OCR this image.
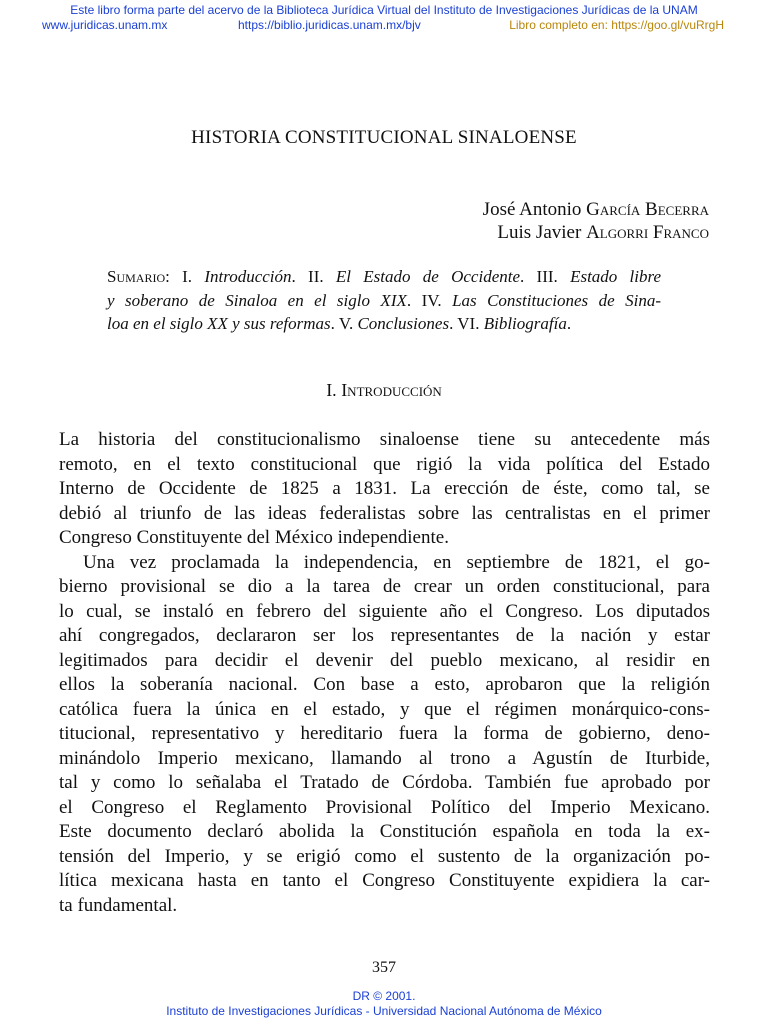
Este libro forma parte del acervo de la Biblioteca Jurídica Virtual del Instituto de Investigaciones Jurídicas de la UNAM
www.juridicas.unam.mx	https://biblio.juridicas.unam.mx/bjv	Libro completo en: https://goo.gl/vuRrgH
HISTORIA CONSTITUCIONAL SINALOENSE
José Antonio García Becerra
Luis Javier Algorri Franco
Sumario: I. Introducción. II. El Estado de Occidente. III. Estado libre
y soberano de Sinaloa en el siglo XIX. IV. Las Constituciones de Sina-
loa en el siglo XX y sus reformas. V. Conclusiones. VI. Bibliografía.
I. Introducción
La historia del constitucionalismo sinaloense tiene su antecedente más
remoto, en el texto constitucional que rigió la vida política del Estado
Interno de Occidente de 1825 a 1831. La erección de éste, como tal, se
debió al triunfo de las ideas federalistas sobre las centralistas en el primer
Congreso Constituyente del México independiente.
Una vez proclamada la independencia, en septiembre de 1821, el go-
bierno provisional se dio a la tarea de crear un orden constitucional, para
lo cual, se instaló en febrero del siguiente año el Congreso. Los diputados
ahí congregados, declararon ser los representantes de la nación y estar
legitimados para decidir el devenir del pueblo mexicano, al residir en
ellos la soberanía nacional. Con base a esto, aprobaron que la religión
católica fuera la única en el estado, y que el régimen monárquico-cons-
titucional, representativo y hereditario fuera la forma de gobierno, deno-
minándolo Imperio mexicano, llamando al trono a Agustín de Iturbide,
tal y como lo señalaba el Tratado de Córdoba. También fue aprobado por
el Congreso el Reglamento Provisional Político del Imperio Mexicano.
Este documento declaró abolida la Constitución española en toda la ex-
tensión del Imperio, y se erigió como el sustento de la organización po-
lítica mexicana hasta en tanto el Congreso Constituyente expidiera la car-
ta fundamental.
357
DR © 2001.
Instituto de Investigaciones Jurídicas - Universidad Nacional Autónoma de México
